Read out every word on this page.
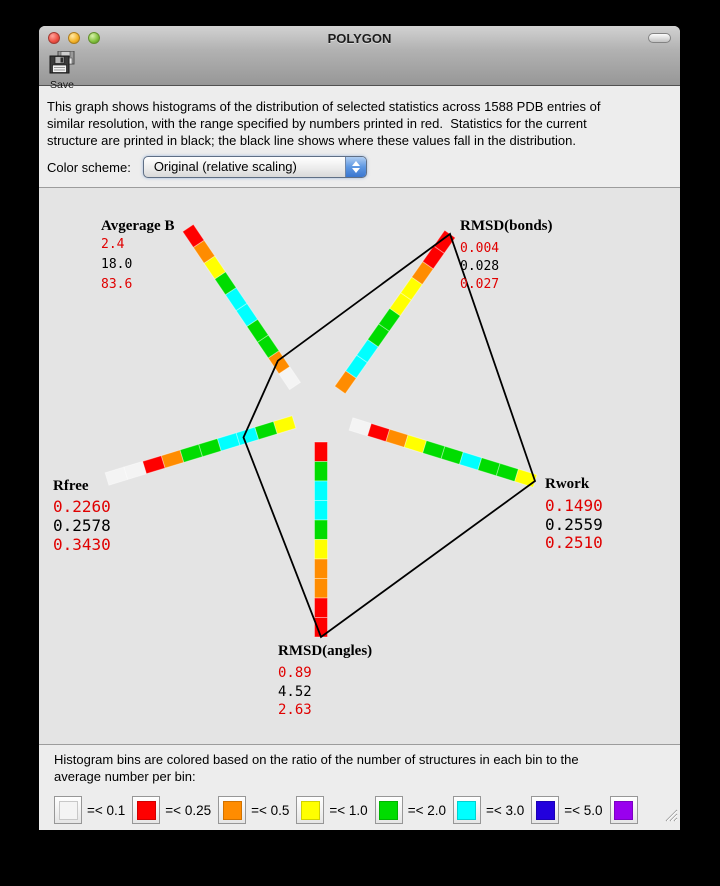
POLYGON
Save
This graph shows histograms of the distribution of selected statistics across 1588 PDB entries of
similar resolution, with the range specified by numbers printed in red.  Statistics for the current
structure are printed in black; the black line shows where these values fall in the distribution.
Color scheme: Original (relative scaling)
Histogram bins are colored based on the ratio of the number of structures in each bin to the
average number per bin:
=< 0.1	=< 0.25	=< 0.5	=< 1.0	=< 2.0	=< 3.0	=< 5.0
Avgerage B
2.4
18.0
83.6
RMSD(bonds)
0.004
0.028
0.027
Rwork
0.1490
0.2559
0.2510
RMSD(angles)
0.89
4.52
2.63
Rfree
0.2260
0.2578
0.3430
